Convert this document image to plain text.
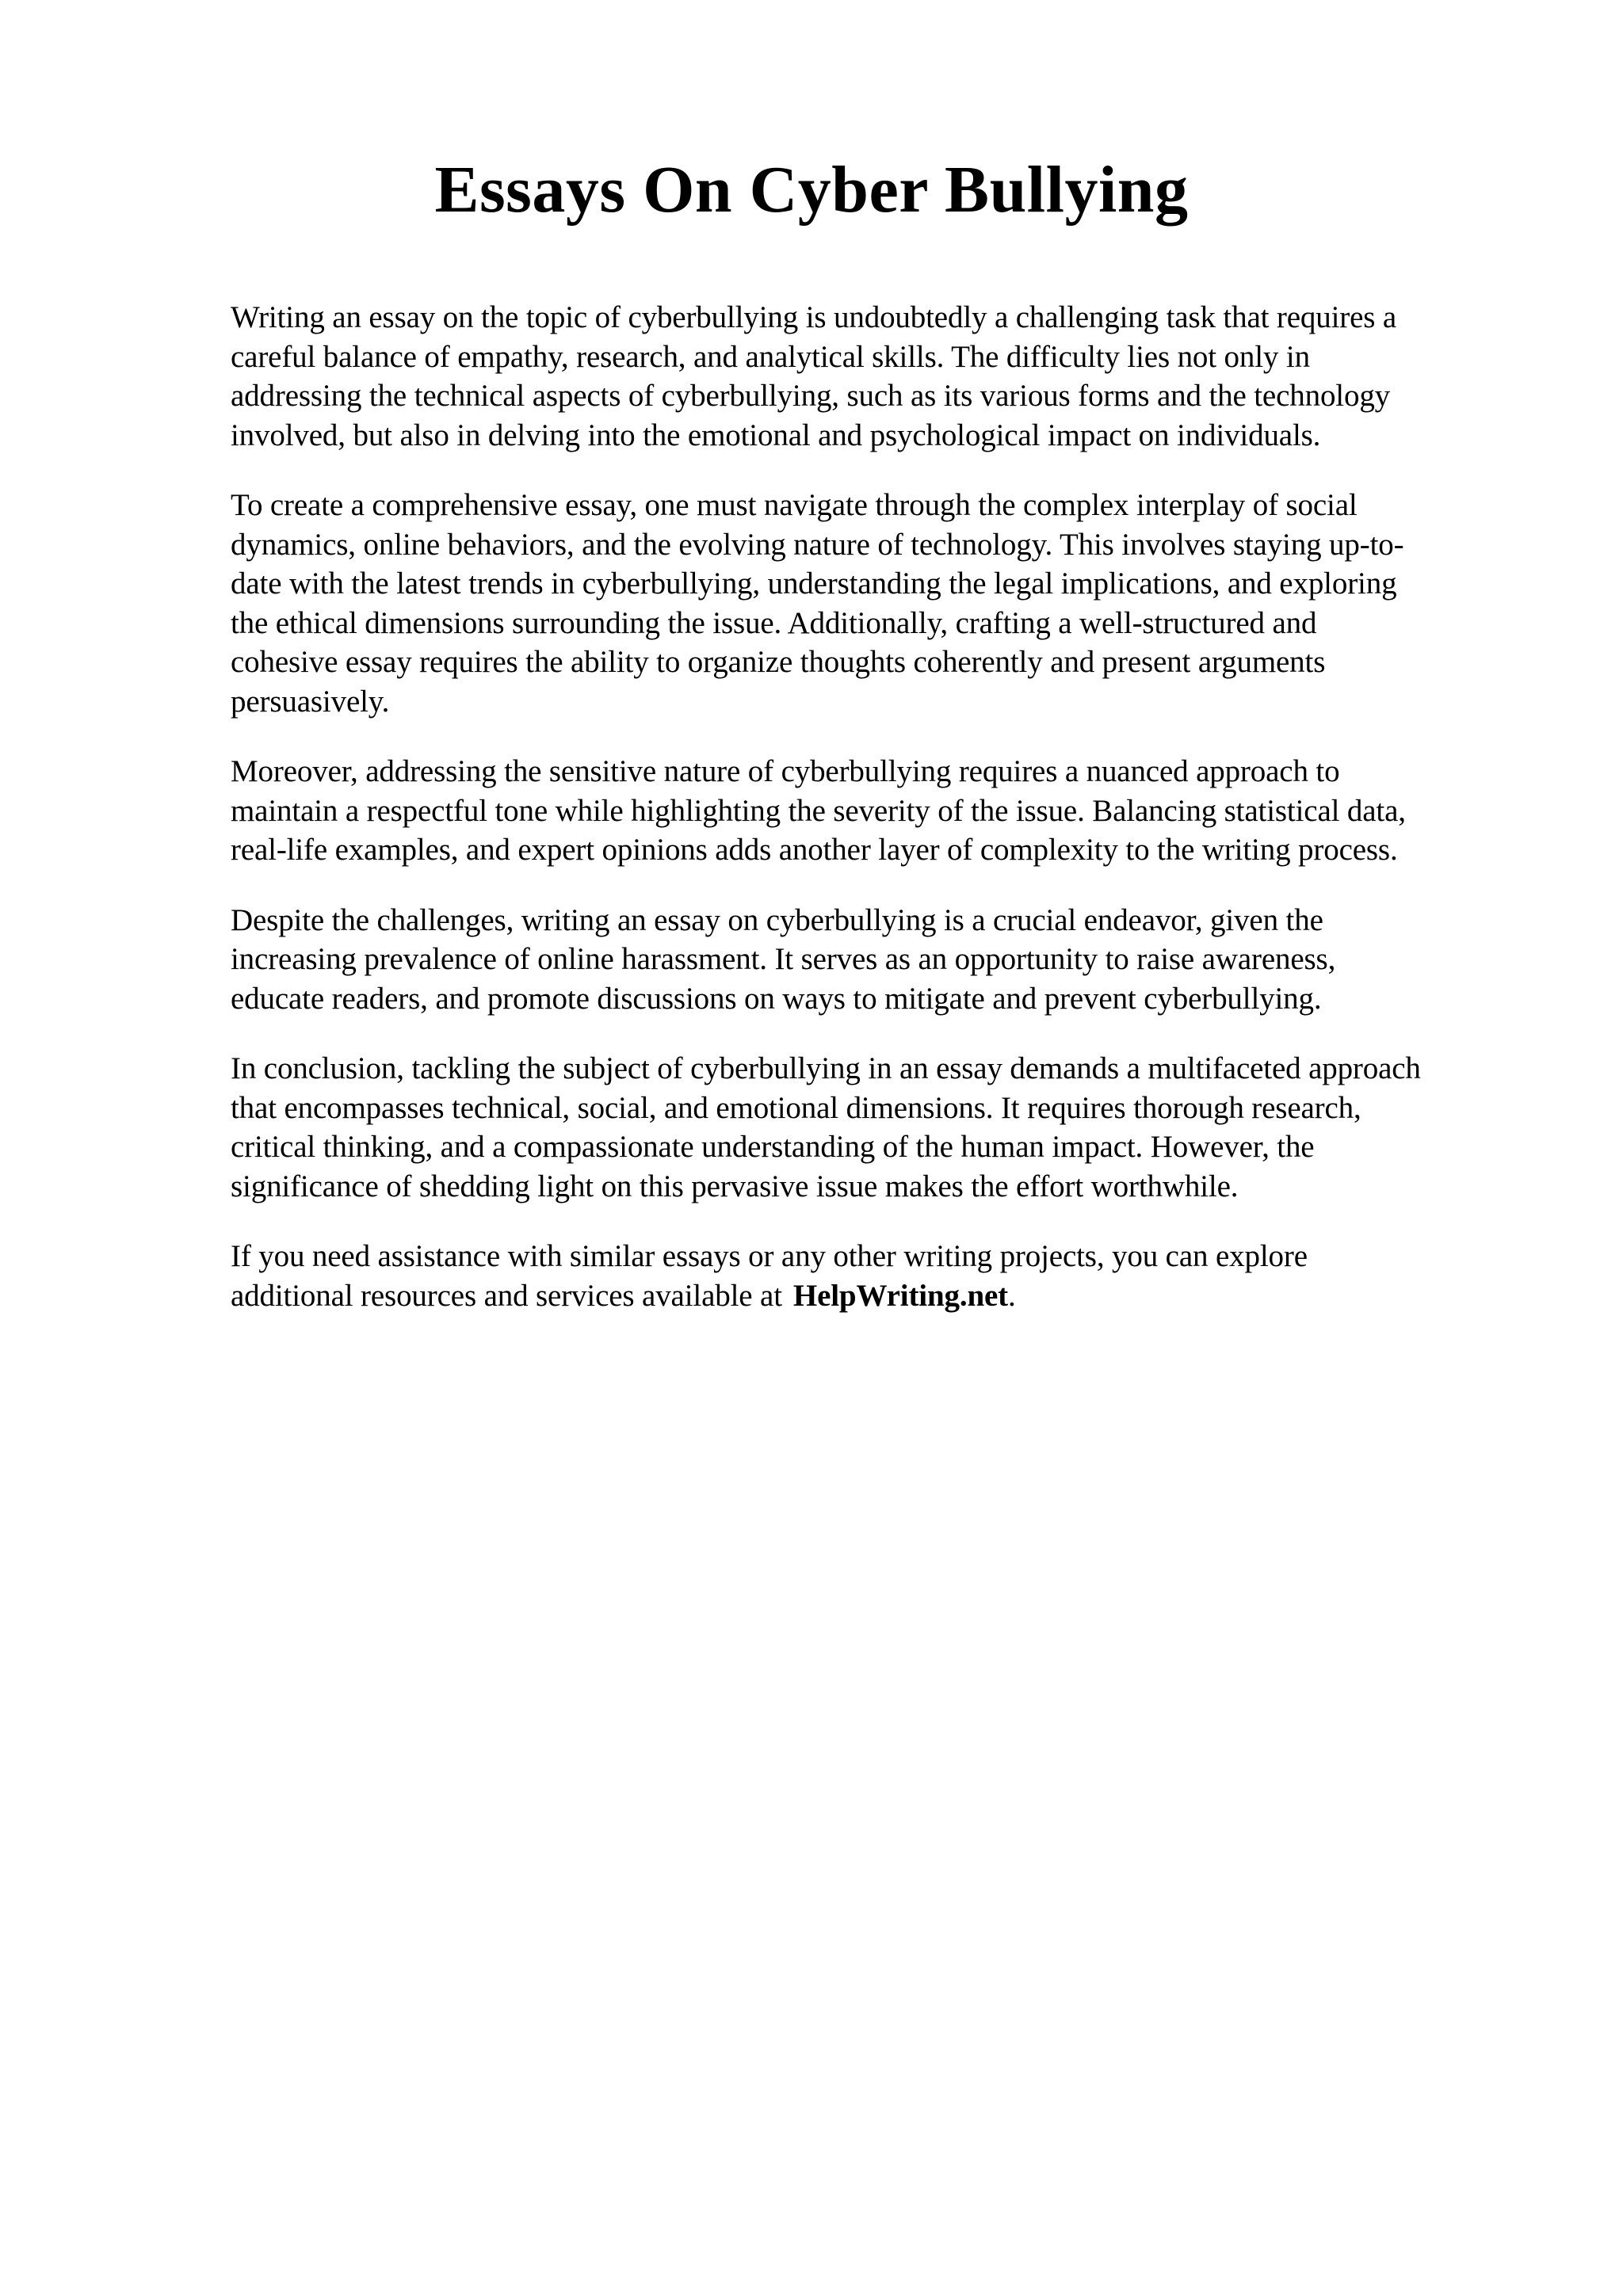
Essays On Cyber Bullying

Writing an essay on the topic of cyberbullying is undoubtedly a challenging task that requires a
careful balance of empathy, research, and analytical skills. The difficulty lies not only in
addressing the technical aspects of cyberbullying, such as its various forms and the technology
involved, but also in delving into the emotional and psychological impact on individuals.

To create a comprehensive essay, one must navigate through the complex interplay of social
dynamics, online behaviors, and the evolving nature of technology. This involves staying up-to-
date with the latest trends in cyberbullying, understanding the legal implications, and exploring
the ethical dimensions surrounding the issue. Additionally, crafting a well-structured and
cohesive essay requires the ability to organize thoughts coherently and present arguments
persuasively.

Moreover, addressing the sensitive nature of cyberbullying requires a nuanced approach to
maintain a respectful tone while highlighting the severity of the issue. Balancing statistical data,
real-life examples, and expert opinions adds another layer of complexity to the writing process.

Despite the challenges, writing an essay on cyberbullying is a crucial endeavor, given the
increasing prevalence of online harassment. It serves as an opportunity to raise awareness,
educate readers, and promote discussions on ways to mitigate and prevent cyberbullying.

In conclusion, tackling the subject of cyberbullying in an essay demands a multifaceted approach
that encompasses technical, social, and emotional dimensions. It requires thorough research,
critical thinking, and a compassionate understanding of the human impact. However, the
significance of shedding light on this pervasive issue makes the effort worthwhile.

If you need assistance with similar essays or any other writing projects, you can explore
additional resources and services available at HelpWriting.net.
